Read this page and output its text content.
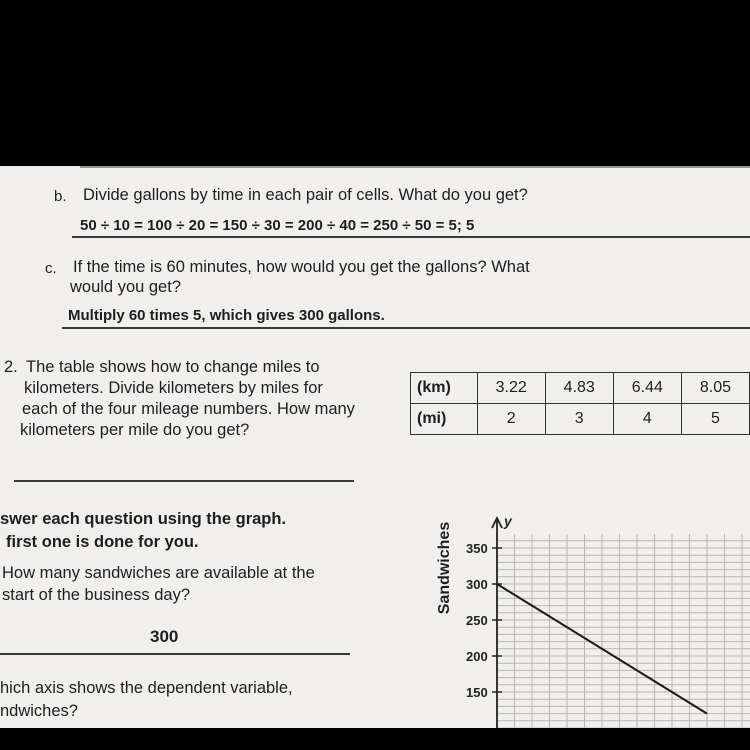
b. Divide gallons by time in each pair of cells. What do you get?
50 ÷ 10 = 100 ÷ 20 = 150 ÷ 30 = 200 ÷ 40 = 250 ÷ 50 = 5; 5
c. If the time is 60 minutes, how would you get the gallons? What
would you get?
Multiply 60 times 5, which gives 300 gallons.
2. The table shows how to change miles to
kilometers. Divide kilometers by miles for
each of the four mileage numbers. How many
kilometers per mile do you get?
(km)	3.22	4.83	6.44	8.05
(mi)	2	3	4	5
swer each question using the graph.
first one is done for you.
How many sandwiches are available at the
start of the business day?
300
hich axis shows the dependent variable,
ndwiches?
Sandwiches
y
150
200
250
300
350
